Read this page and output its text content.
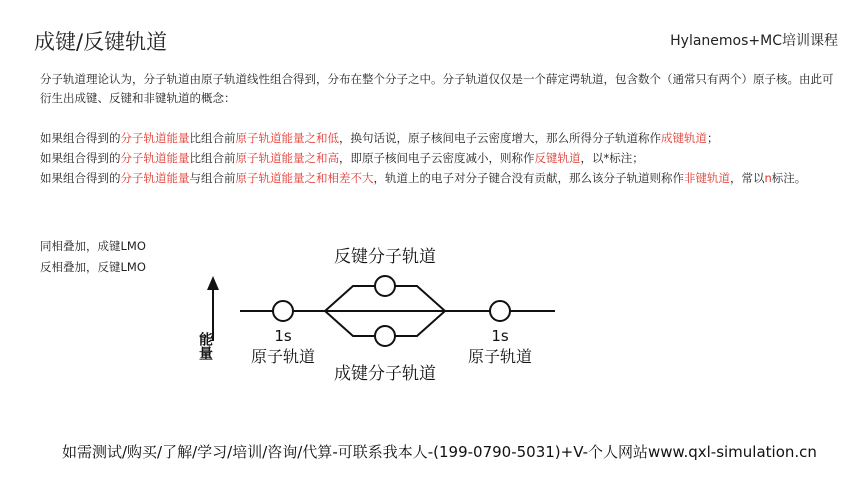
成键/反键轨道	Hylanemos+MC培训课程
分子轨道理论认为，分子轨道由原子轨道线性组合得到，分布在整个分子之中。分子轨道仅仅是一个薛定谔轨道，包含数个（通常只有两个）原子核。由此可衍生出成键、反键和非键轨道的概念：
如果组合得到的分子轨道能量比组合前原子轨道能量之和低，换句话说，原子核间电子云密度增大，那么所得分子轨道称作成键轨道；
如果组合得到的分子轨道能量比组合前原子轨道能量之和高，即原子核间电子云密度减小，则称作反键轨道，以*标注；
如果组合得到的分子轨道能量与组合前原子轨道能量之和相差不大，轨道上的电子对分子键合没有贡献，那么该分子轨道则称作非键轨道，常以n标注。
同相叠加，成键LMO
反相叠加，反键LMO
能量
反键分子轨道
成键分子轨道
1s
原子轨道
1s
原子轨道
如需测试/购买/了解/学习/培训/咨询/代算-可联系我本人-(199-0790-5031)+V-个人网站www.qxl-simulation.cn
